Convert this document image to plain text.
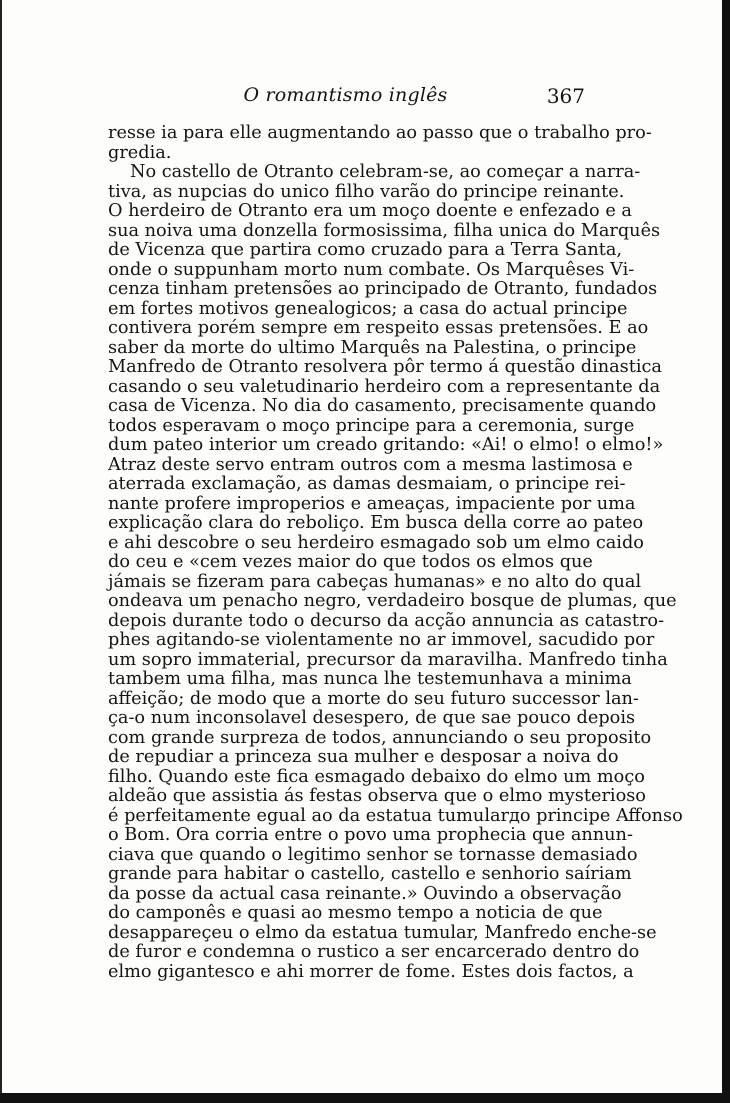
O romantismo inglês	367
resse ia para elle augmentando ao passo que o trabalho pro-
gredia.
No castello de Otranto celebram-se, ao começar a narra-
tiva, as nupcias do unico filho varão do principe reinante.
O herdeiro de Otranto era um moço doente e enfezado e a
sua noiva uma donzella formosissima, filha unica do Marquês
de Vicenza que partira como cruzado para a Terra Santa,
onde o suppunham morto num combate. Os Marquêses Vi-
cenza tinham pretensões ao principado de Otranto, fundados
em fortes motivos genealogicos; a casa do actual principe
contivera porém sempre em respeito essas pretensões. E ao
saber da morte do ultimo Marquês na Palestina, o principe
Manfredo de Otranto resolvera pôr termo á questão dinastica
casando o seu valetudinario herdeiro com a representante da
casa de Vicenza. No dia do casamento, precisamente quando
todos esperavam o moço principe para a ceremonia, surge
dum pateo interior um creado gritando: «Ai! o elmo! o elmo!»
Atraz deste servo entram outros com a mesma lastimosa e
aterrada exclamação, as damas desmaiam, o principe rei-
nante profere improperios e ameaças, impaciente por uma
explicação clara do reboliço. Em busca della corre ao pateo
e ahi descobre o seu herdeiro esmagado sob um elmo caido
do ceu e «cem vezes maior do que todos os elmos que
jámais se fizeram para cabeças humanas» e no alto do qual
ondeava um penacho negro, verdadeiro bosque de plumas, que
depois durante todo o decurso da acção annuncia as catastro-
phes agitando-se violentamente no ar immovel, sacudido por
um sopro immaterial, precursor da maravilha. Manfredo tinha
tambem uma filha, mas nunca lhe testemunhava a minima
affeição; de modo que a morte do seu futuro successor lan-
ça-o num inconsolavel desespero, de que sae pouco depois
com grande surpreza de todos, annunciando o seu proposito
de repudiar a princeza sua mulher e desposar a noiva do
filho. Quando este fica esmagado debaixo do elmo um moço
aldeão que assistia ás festas observa que o elmo mysterioso
é perfeitamente egual ao da estatua tumularдо principe Affonso
o Bom. Ora corria entre o povo uma prophecia que annun-
ciava que quando o legitimo senhor se tornasse demasiado
grande para habitar o castello, castello e senhorio saíriam
da posse da actual casa reinante.» Ouvindo a observação
do camponês e quasi ao mesmo tempo a noticia de que
desappareçeu o elmo da estatua tumular, Manfredo enche-se
de furor e condemna o rustico a ser encarcerado dentro do
elmo gigantesco e ahi morrer de fome. Estes dois factos, a
